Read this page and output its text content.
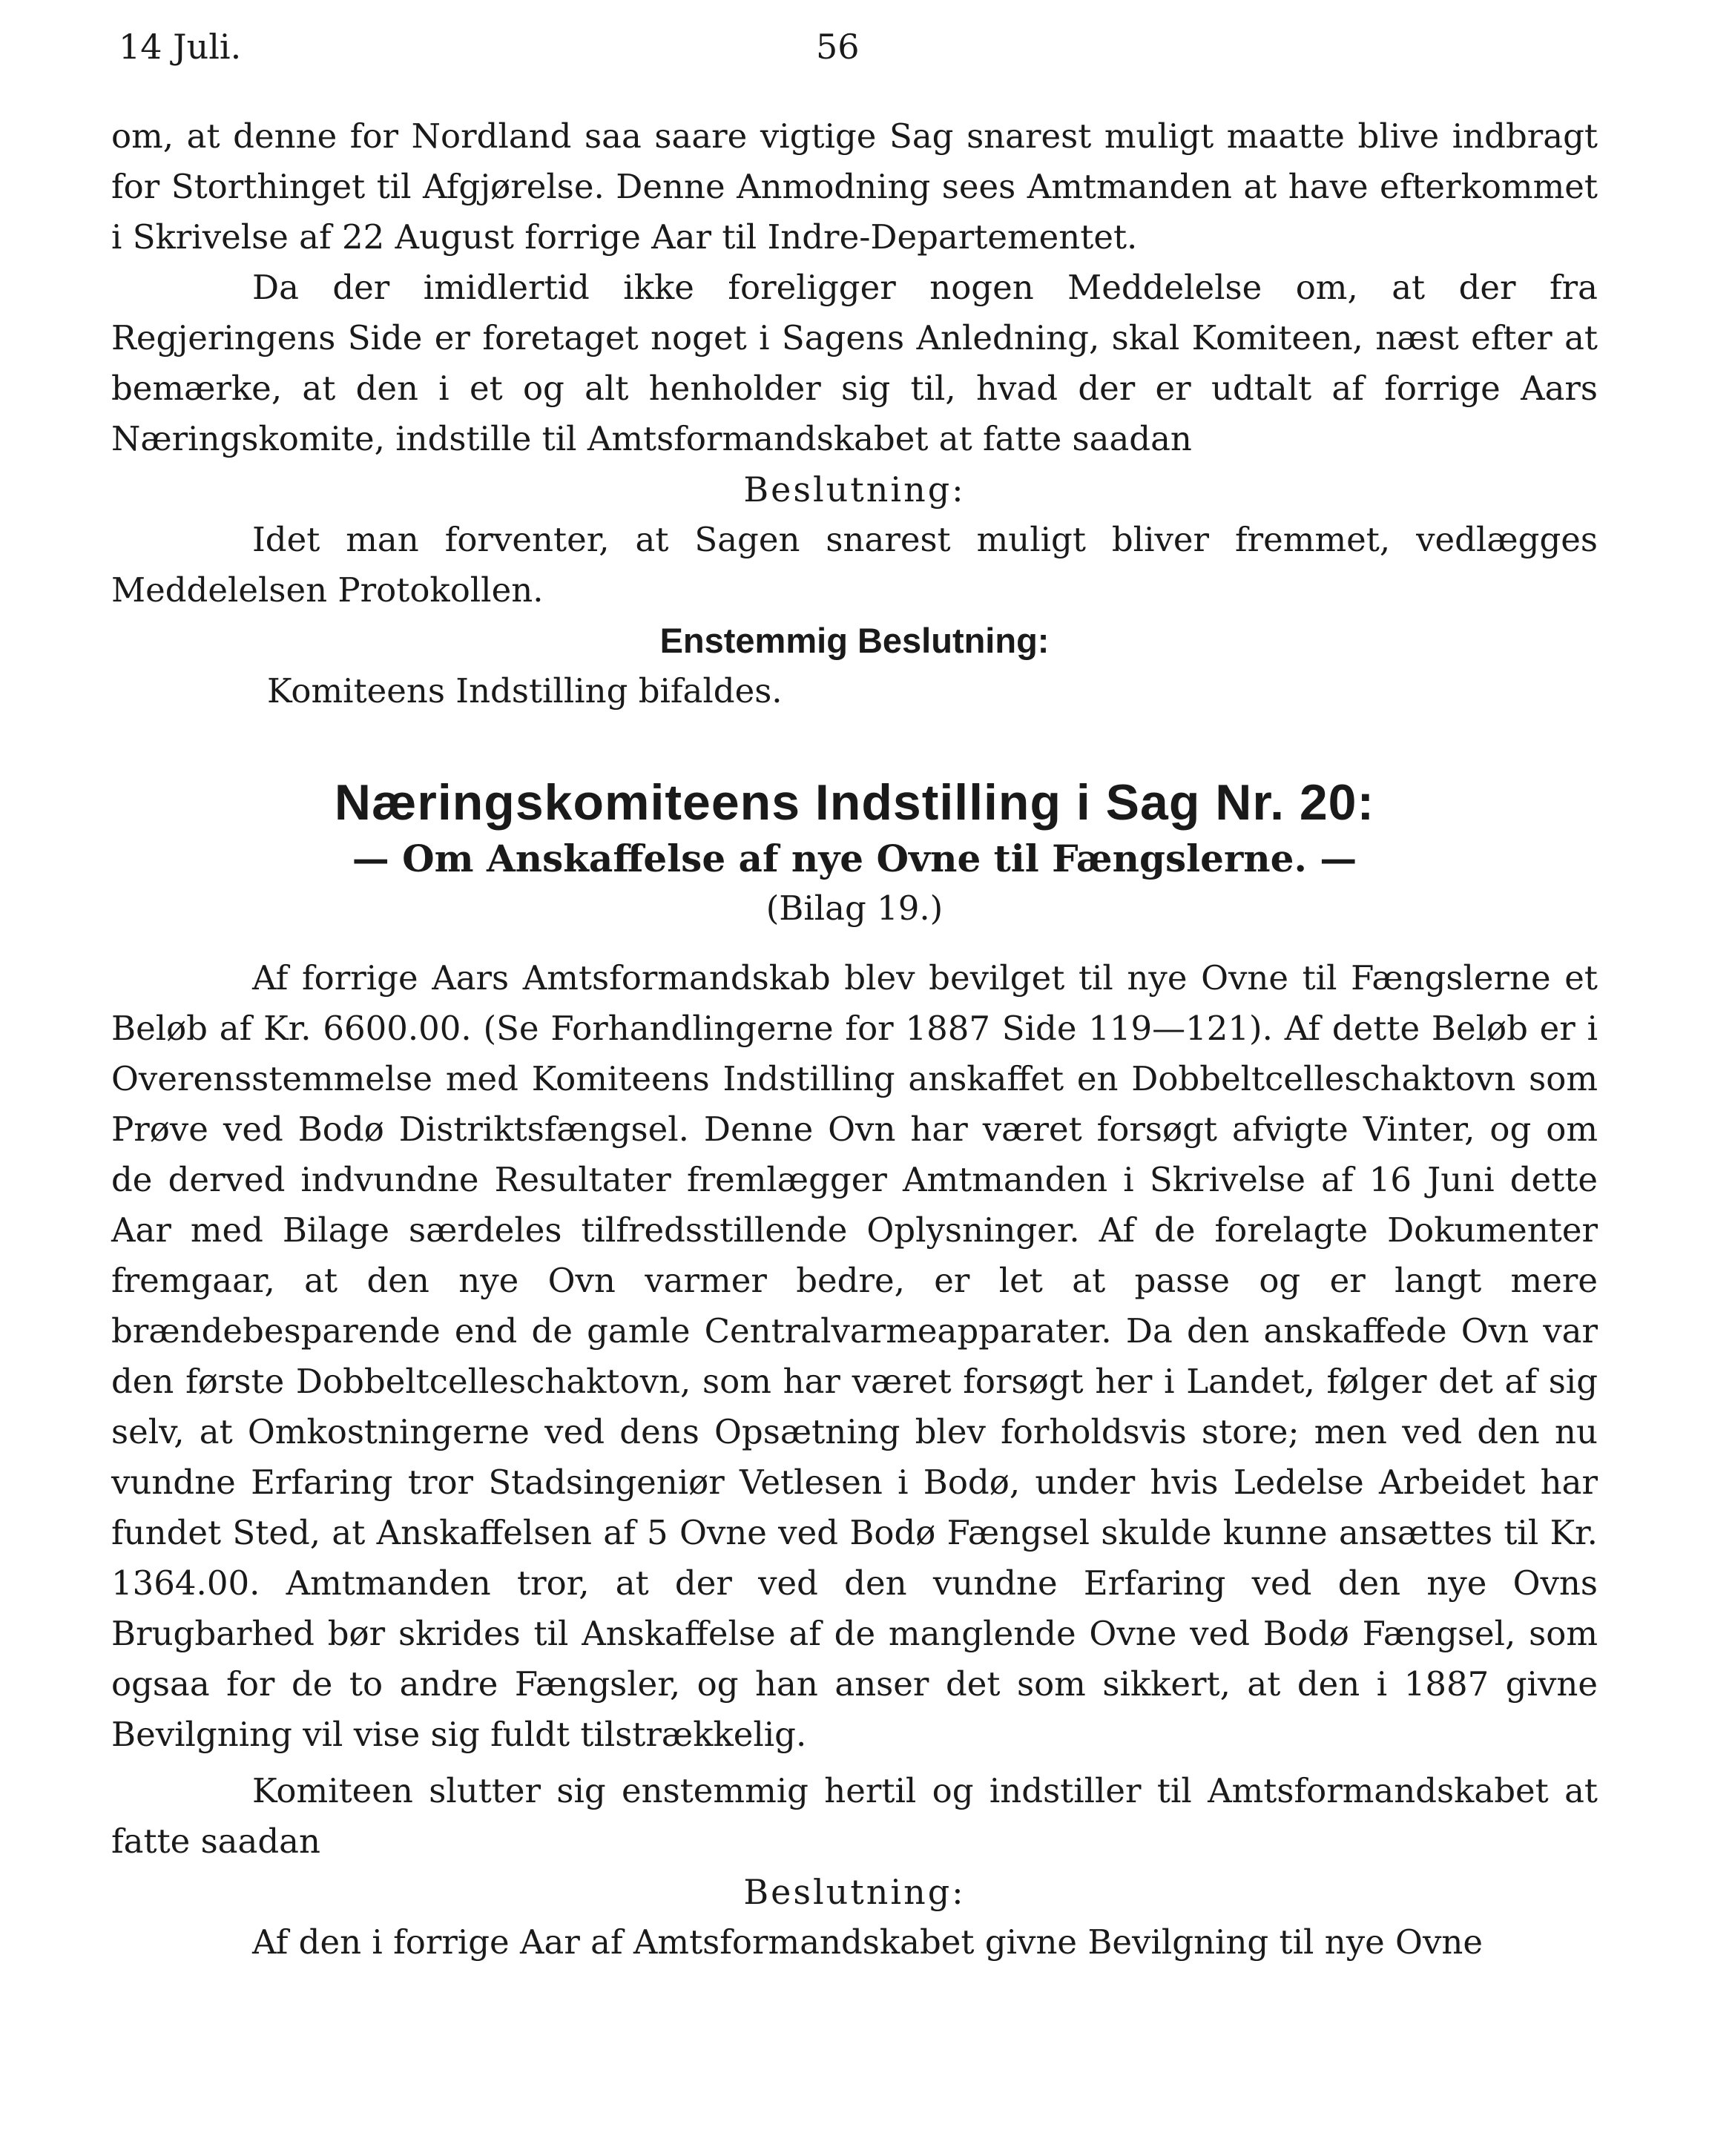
14 Juli.	56

om, at denne for Nordland saa saare vigtige Sag snarest muligt maatte blive indbragt for Storthinget til Afgjørelse. Denne Anmodning sees Amtmanden at have efterkommet i Skrivelse af 22 August forrige Aar til Indre-Departementet.

Da der imidlertid ikke foreligger nogen Meddelelse om, at der fra Regjeringens Side er foretaget noget i Sagens Anledning, skal Komiteen, næst efter at bemærke, at den i et og alt henholder sig til, hvad der er udtalt af forrige Aars Næringskomite, indstille til Amtsformandskabet at fatte saadan

Beslutning:

Idet man forventer, at Sagen snarest muligt bliver fremmet, vedlægges Meddelelsen Protokollen.

Enstemmig Beslutning:

Komiteens Indstilling bifaldes.

Næringskomiteens Indstilling i Sag Nr. 20:
— Om Anskaffelse af nye Ovne til Fængslerne. —
(Bilag 19.)

Af forrige Aars Amtsformandskab blev bevilget til nye Ovne til Fængslerne et Beløb af Kr. 6600.00. (Se Forhandlingerne for 1887 Side 119—121). Af dette Beløb er i Overensstemmelse med Komiteens Indstilling anskaffet en Dobbeltcelleschaktovn som Prøve ved Bodø Distriktsfængsel. Denne Ovn har været forsøgt afvigte Vinter, og om de derved indvundne Resultater fremlægger Amtmanden i Skrivelse af 16 Juni dette Aar med Bilage særdeles tilfredsstillende Oplysninger. Af de forelagte Dokumenter fremgaar, at den nye Ovn varmer bedre, er let at passe og er langt mere brændebesparende end de gamle Centralvarmeapparater. Da den anskaffede Ovn var den første Dobbeltcelleschaktovn, som har været forsøgt her i Landet, følger det af sig selv, at Omkostningerne ved dens Opsætning blev forholdsvis store; men ved den nu vundne Erfaring tror Stadsingeniør Vetlesen i Bodø, under hvis Ledelse Arbeidet har fundet Sted, at Anskaffelsen af 5 Ovne ved Bodø Fængsel skulde kunne ansættes til Kr. 1364.00. Amtmanden tror, at der ved den vundne Erfaring ved den nye Ovns Brugbarhed bør skrides til Anskaffelse af de manglende Ovne ved Bodø Fængsel, som ogsaa for de to andre Fængsler, og han anser det som sikkert, at den i 1887 givne Bevilgning vil vise sig fuldt tilstrækkelig.

Komiteen slutter sig enstemmig hertil og indstiller til Amtsformandskabet at fatte saadan

Beslutning:

Af den i forrige Aar af Amtsformandskabet givne Bevilgning til nye Ovne
